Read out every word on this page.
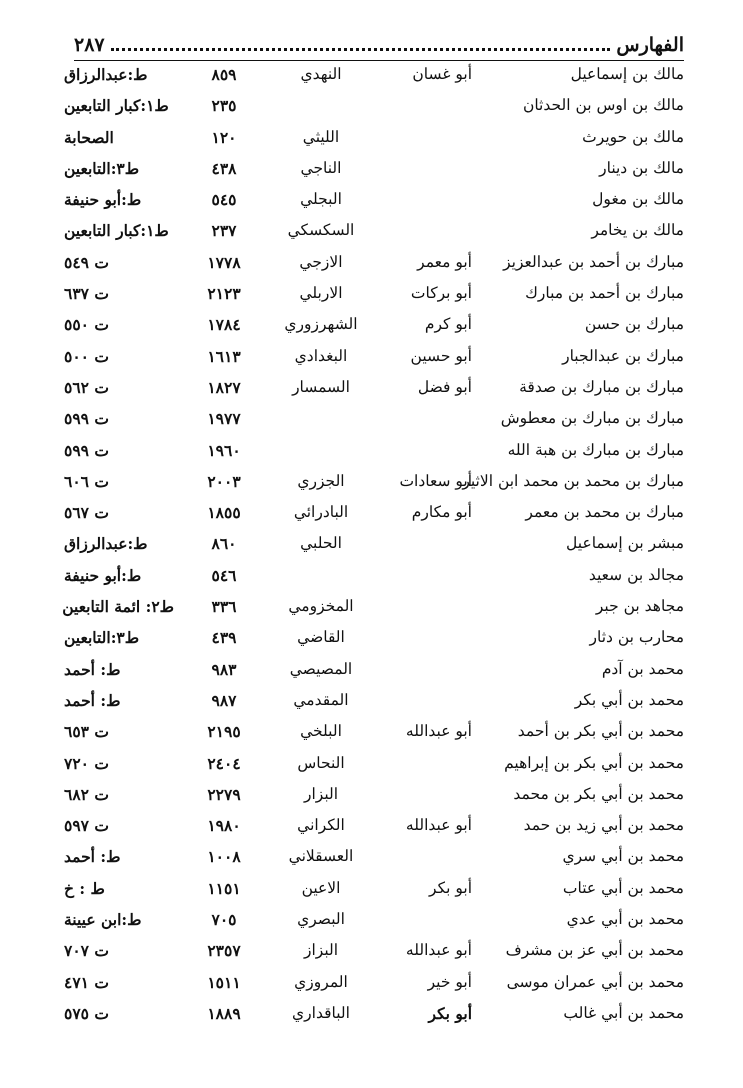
الفهارس
٢٨٧
مالك بن إسماعيل
أبو غسان
النهدي
٨٥٩
ط:عبدالرزاق
مالك بن اوس بن الحدثان
٢٣٥
ط١:كبار التابعين
مالك بن حويرث
الليثي
١٢٠
الصحابة
مالك بن دينار
الناجي
٤٣٨
ط٣:التابعين
مالك بن مغول
البجلي
٥٤٥
ط:أبو حنيفة
مالك بن يخامر
السكسكي
٢٣٧
ط١:كبار التابعين
مبارك بن أحمد بن عبدالعزيز
أبو معمر
الازجي
١٧٧٨
ت ٥٤٩
مبارك بن أحمد بن مبارك
أبو بركات
الاربلي
٢١٢٣
ت ٦٣٧
مبارك بن حسن
أبو كرم
الشهرزوري
١٧٨٤
ت ٥٥٠
مبارك بن عبدالجبار
أبو حسين
البغدادي
١٦١٣
ت ٥٠٠
مبارك بن مبارك بن صدقة
أبو فضل
السمسار
١٨٢٧
ت ٥٦٢
مبارك بن مبارك بن معطوش
١٩٧٧
ت ٥٩٩
مبارك بن مبارك بن هبة الله
١٩٦٠
ت ٥٩٩
مبارك بن محمد بن محمد ابن الاثير
أبو سعادات
الجزري
٢٠٠٣
ت ٦٠٦
مبارك بن محمد بن معمر
أبو مكارم
البادرائي
١٨٥٥
ت ٥٦٧
مبشر بن إسماعيل
الحلبي
٨٦٠
ط:عبدالرزاق
مجالد بن سعيد
٥٤٦
ط:أبو حنيفة
مجاهد بن جبر
المخزومي
٣٣٦
ط٢: ائمة التابعين
محارب بن دثار
القاضي
٤٣٩
ط٣:التابعين
محمد بن آدم
المصيصي
٩٨٣
ط: أحمد
محمد بن أبي بكر
المقدمي
٩٨٧
ط: أحمد
محمد بن أبي بكر بن أحمد
أبو عبدالله
البلخي
٢١٩٥
ت ٦٥٣
محمد بن أبي بكر بن إبراهيم
النحاس
٢٤٠٤
ت ٧٢٠
محمد بن أبي بكر بن محمد
البزار
٢٢٧٩
ت ٦٨٢
محمد بن أبي زيد بن حمد
أبو عبدالله
الكراني
١٩٨٠
ت ٥٩٧
محمد بن أبي سري
العسقلاني
١٠٠٨
ط: أحمد
محمد بن أبي عتاب
أبو بكر
الاعين
١١٥١
ط : خ
محمد بن أبي عدي
البصري
٧٠٥
ط:ابن عيينة
محمد بن أبي عز بن مشرف
أبو عبدالله
البزاز
٢٣٥٧
ت ٧٠٧
محمد بن أبي عمران موسى
أبو خير
المروزي
١٥١١
ت ٤٧١
محمد بن أبي غالب
أبو بكر
الباقداري
١٨٨٩
ت ٥٧٥
